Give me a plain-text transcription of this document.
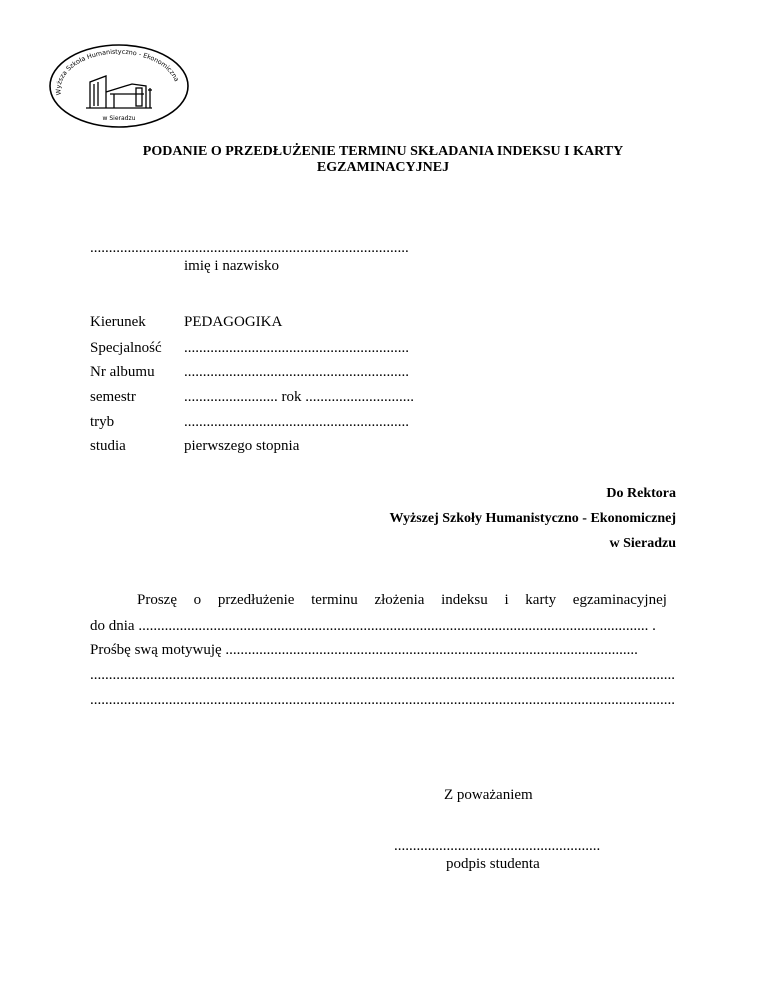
Wyższa Szkoła Humanistyczno - Ekonomiczna
w Sieradzu
PODANIE O PRZEDŁUŻENIE TERMINU SKŁADANIA INDEKSU I KARTY
EGZAMINACYJNEJ
.....................................................................................
imię i nazwisko
Kierunek	PEDAGOGIKA
Specjalność ............................................................
Nr albumu ............................................................
semestr	......................... rok .............................
tryb	............................................................
studia	pierwszego stopnia
Do Rektora
Wyższej Szkoły Humanistyczno - Ekonomicznej
w Sieradzu
Proszę o przedłużenie terminu złożenia indeksu i karty egzaminacyjnej
do dnia ........................................................................................................................................ .
Prośbę swą motywuję ..............................................................................................................
............................................................................................................................................................
............................................................................................................................................................
Z poważaniem
.......................................................
podpis studenta
